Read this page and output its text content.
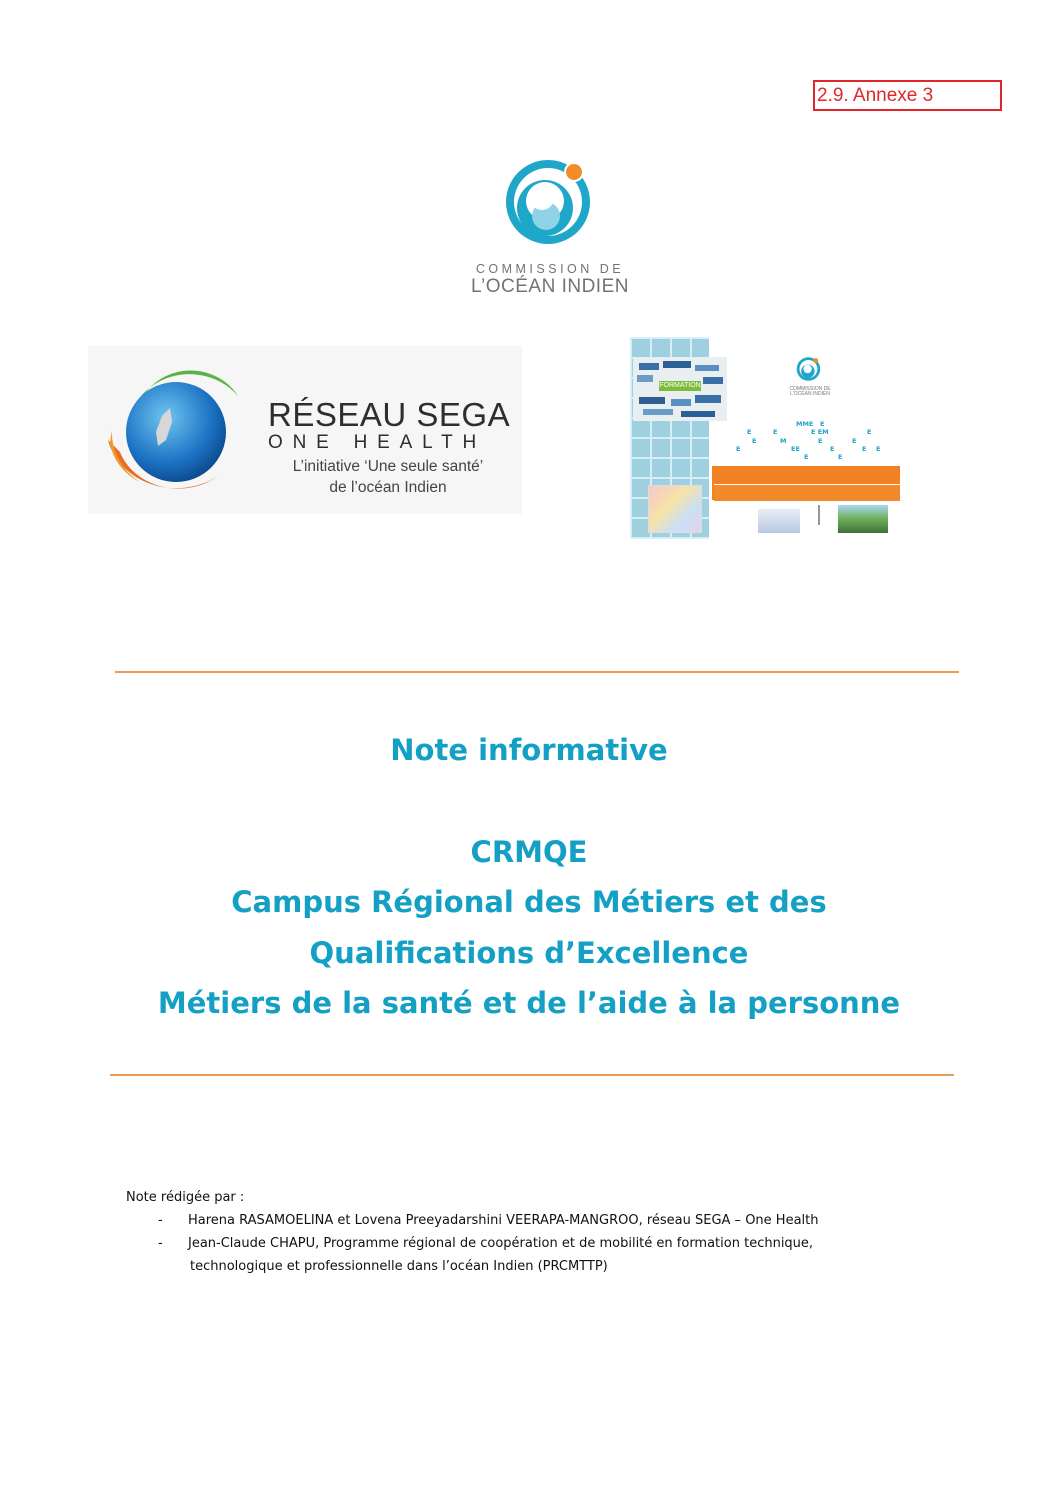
2.9. Annexe 3
COMMISSION DE
L’OCÉAN INDIEN
RÉSEAU SEGA
ONE HEALTH
L’initiative ‘Une seule santé’
de l’océan Indien
FORMATION	COMMISSION DE L'OCÉAN INDIEN
MME E
E	E	E EM	E
E	M	E	E
EE
E	E	E E
E	E
Note informative
CRMQE
Campus Régional des Métiers et des
Qualifications d’Excellence
Métiers de la santé et de l’aide à la personne
Note rédigée par :
- Harena RASAMOELINA et Lovena Preeyadarshini VEERAPA-MANGROO, réseau SEGA – One Health
- Jean-Claude CHAPU, Programme régional de coopération et de mobilité en formation technique,
technologique et professionnelle dans l’océan Indien (PRCMTTP)
